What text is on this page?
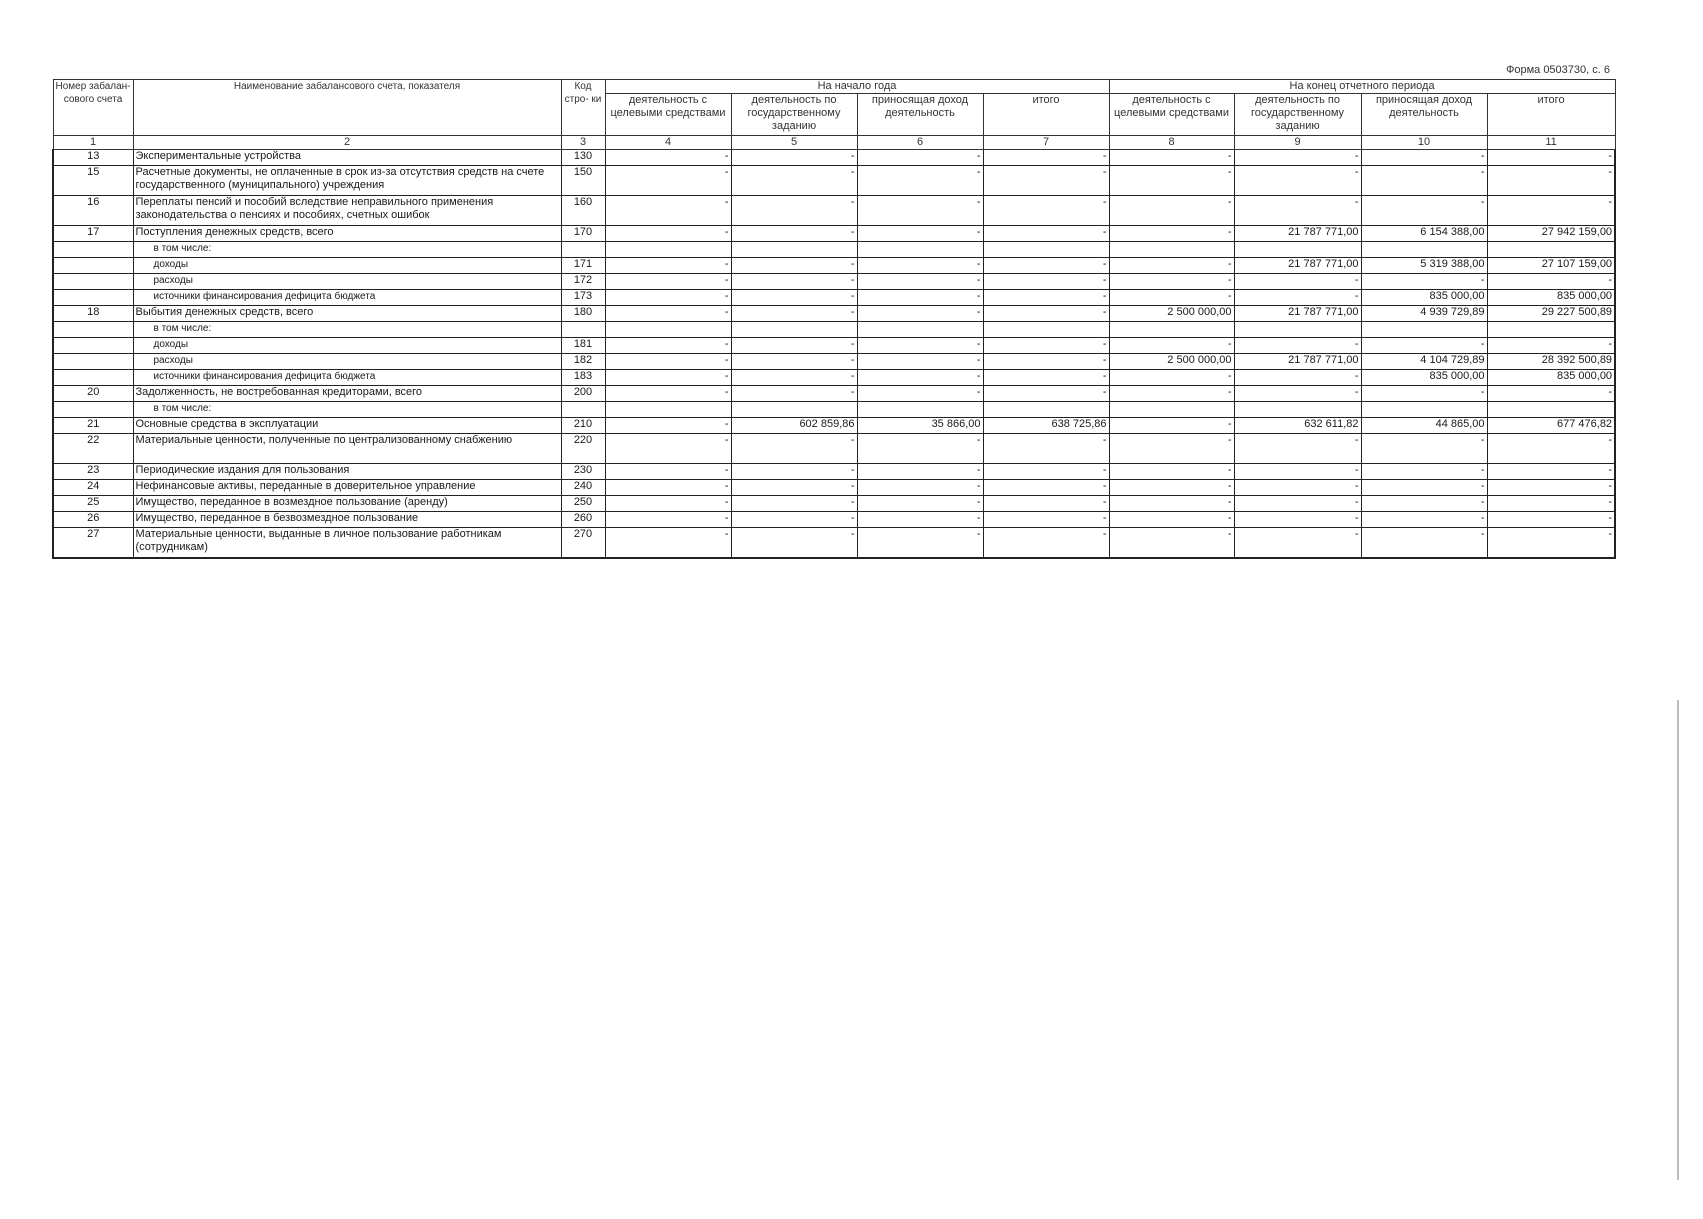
Форма 0503730, с. 6
Номер забалан- сового счета	Наименование забалансового счета, показателя	Код стро- ки	На начало года				На конец отчетного периода			
			деятельность с целевыми средствами	деятельность по государственному заданию	приносящая доход деятельность	итого	деятельность с целевыми средствами	деятельность по государственному заданию	приносящая доход деятельность	итого
1	2	3	4	5	6	7	8	9	10	11
13	Экспериментальные устройства	130	-	-	-	-	-	-	-	-
15	Расчетные документы, не оплаченные в срок из-за отсутствия средств на счете государственного (муниципального) учреждения	150	-	-	-	-	-	-	-	-
16	Переплаты пенсий и пособий вследствие неправильного применения законодательства о пенсиях и пособиях, счетных ошибок	160	-	-	-	-	-	-	-	-
17	Поступления денежных средств, всего	170	-	-	-	-	-	21 787 771,00	6 154 388,00	27 942 159,00
	в том числе:									
	доходы	171	-	-	-	-	-	21 787 771,00	5 319 388,00	27 107 159,00
	расходы	172	-	-	-	-	-	-	-	-
	источники финансирования дефицита бюджета	173	-	-	-	-	-	-	835 000,00	835 000,00
18	Выбытия денежных средств, всего	180	-	-	-	-	2 500 000,00	21 787 771,00	4 939 729,89	29 227 500,89
	в том числе:									
	доходы	181	-	-	-	-	-	-	-	-
	расходы	182	-	-	-	-	2 500 000,00	21 787 771,00	4 104 729,89	28 392 500,89
	источники финансирования дефицита бюджета	183	-	-	-	-	-	-	835 000,00	835 000,00
20	Задолженность, не востребованная кредиторами, всего	200	-	-	-	-	-	-	-	-
	в том числе:									
21	Основные средства в эксплуатации	210	-	602 859,86	35 866,00	638 725,86	-	632 611,82	44 865,00	677 476,82
22	Материальные ценности, полученные по централизованному снабжению	220	-	-	-	-	-	-	-	-
23	Периодические издания для пользования	230	-	-	-	-	-	-	-	-
24	Нефинансовые активы, переданные в доверительное управление	240	-	-	-	-	-	-	-	-
25	Имущество, переданное в возмездное пользование (аренду)	250	-	-	-	-	-	-	-	-
26	Имущество, переданное в безвозмездное пользование	260	-	-	-	-	-	-	-	-
27	Материальные ценности, выданные в личное пользование работникам (сотрудникам)	270	-	-	-	-	-	-	-	-
